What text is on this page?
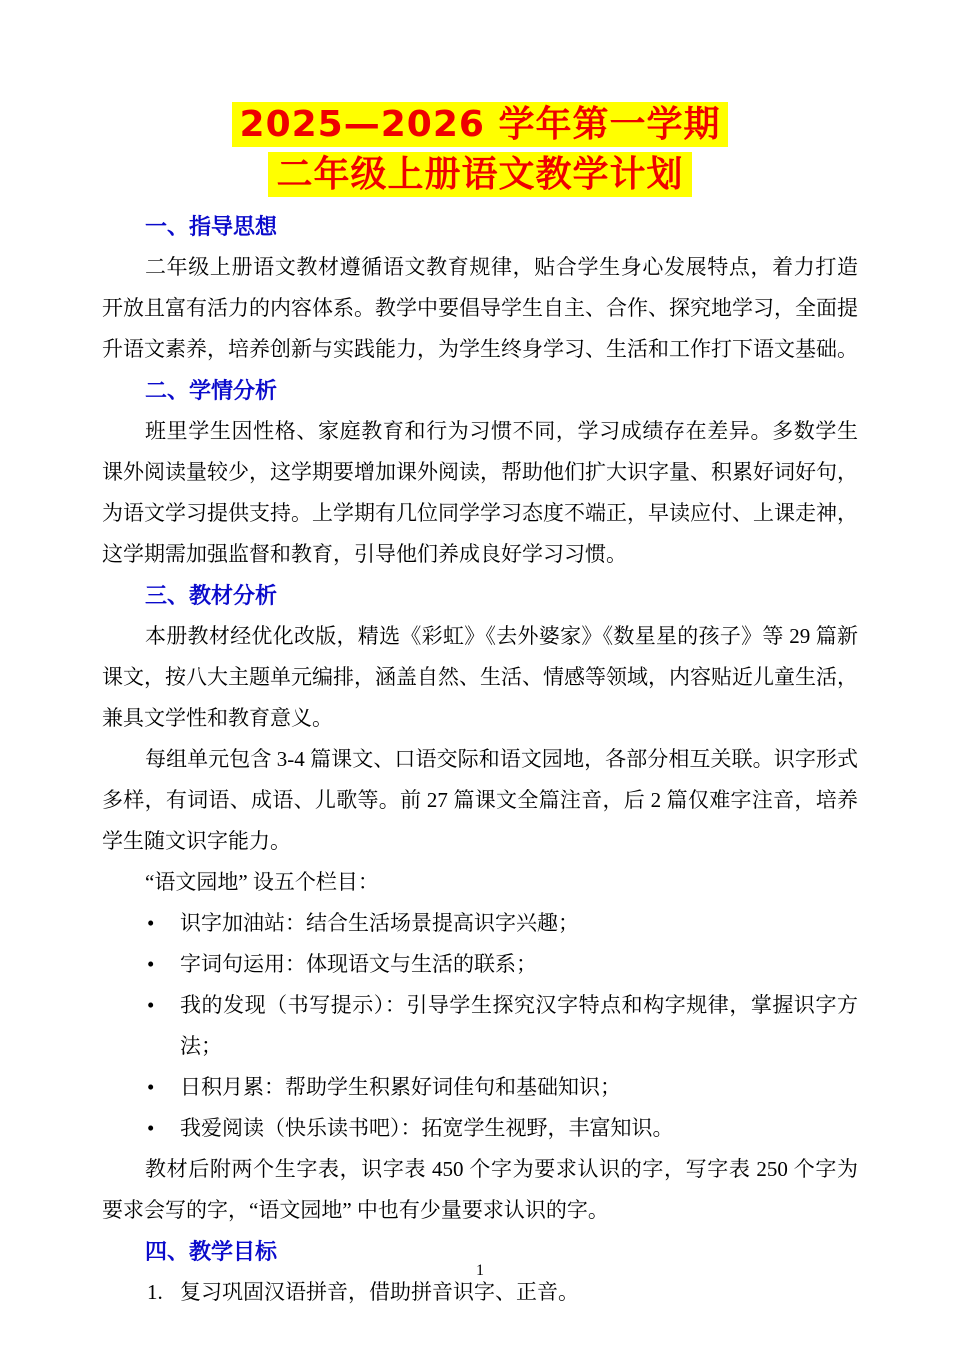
2025—2026 学年第一学期
二年级上册语文教学计划
一、指导思想

二年级上册语文教材遵循语文教育规律，贴合学生身心发展特点，着力打造开放且富有活力的内容体系。教学中要倡导学生自主、合作、探究地学习，全面提升语文素养，培养创新与实践能力，为学生终身学习、生活和工作打下语文基础。

二、学情分析

班里学生因性格、家庭教育和行为习惯不同，学习成绩存在差异。多数学生课外阅读量较少，这学期要增加课外阅读，帮助他们扩大识字量、积累好词好句，为语文学习提供支持。上学期有几位同学学习态度不端正，早读应付、上课走神，这学期需加强监督和教育，引导他们养成良好学习习惯。

三、教材分析

本册教材经优化改版，精选《彩虹》《去外婆家》《数星星的孩子》等 29 篇新课文，按八大主题单元编排，涵盖自然、生活、情感等领域，内容贴近儿童生活，兼具文学性和教育意义。

每组单元包含 3-4 篇课文、口语交际和语文园地，各部分相互关联。识字形式多样，有词语、成语、儿歌等。前 27 篇课文全篇注音，后 2 篇仅难字注音，培养学生随文识字能力。

“语文园地” 设五个栏目：

•	识字加油站：结合生活场景提高识字兴趣；
•	字词句运用：体现语文与生活的联系；
•	我的发现（书写提示）：引导学生探究汉字特点和构字规律，掌握识字方法；
•	日积月累：帮助学生积累好词佳句和基础知识；
•	我爱阅读（快乐读书吧）：拓宽学生视野，丰富知识。

教材后附两个生字表，识字表 450 个字为要求认识的字，写字表 250 个字为要求会写的字，“语文园地” 中也有少量要求认识的字。

四、教学目标
1. 复习巩固汉语拼音，借助拼音识字、正音。
1
